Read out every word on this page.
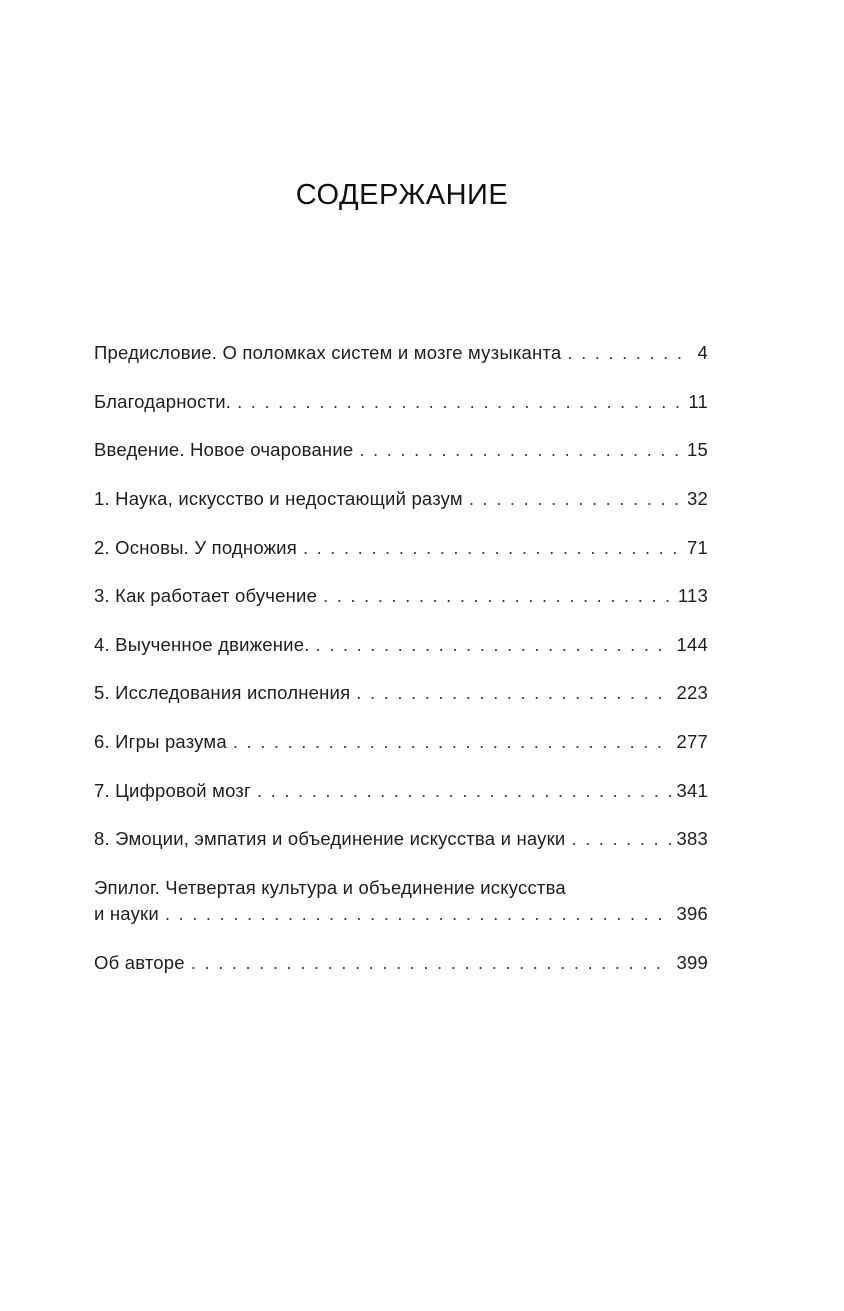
СОДЕРЖАНИЕ
Предисловие. О поломках систем и мозге музыканта . . .	4
Благодарности. . . .	11
Введение. Новое очарование . . .	15
1. Наука, искусство и недостающий разум . . .	32
2. Основы. У подножия . . .	71
3. Как работает обучение . . .	113
4. Выученное движение. . . .	144
5. Исследования исполнения . . .	223
6. Игры разума . . .	277
7. Цифровой мозг . . .	341
8. Эмоции, эмпатия и объединение искусства и науки . . .	383
Эпилог. Четвертая культура и объединение искусства
и науки . . .	396
Об авторе . . .	399
